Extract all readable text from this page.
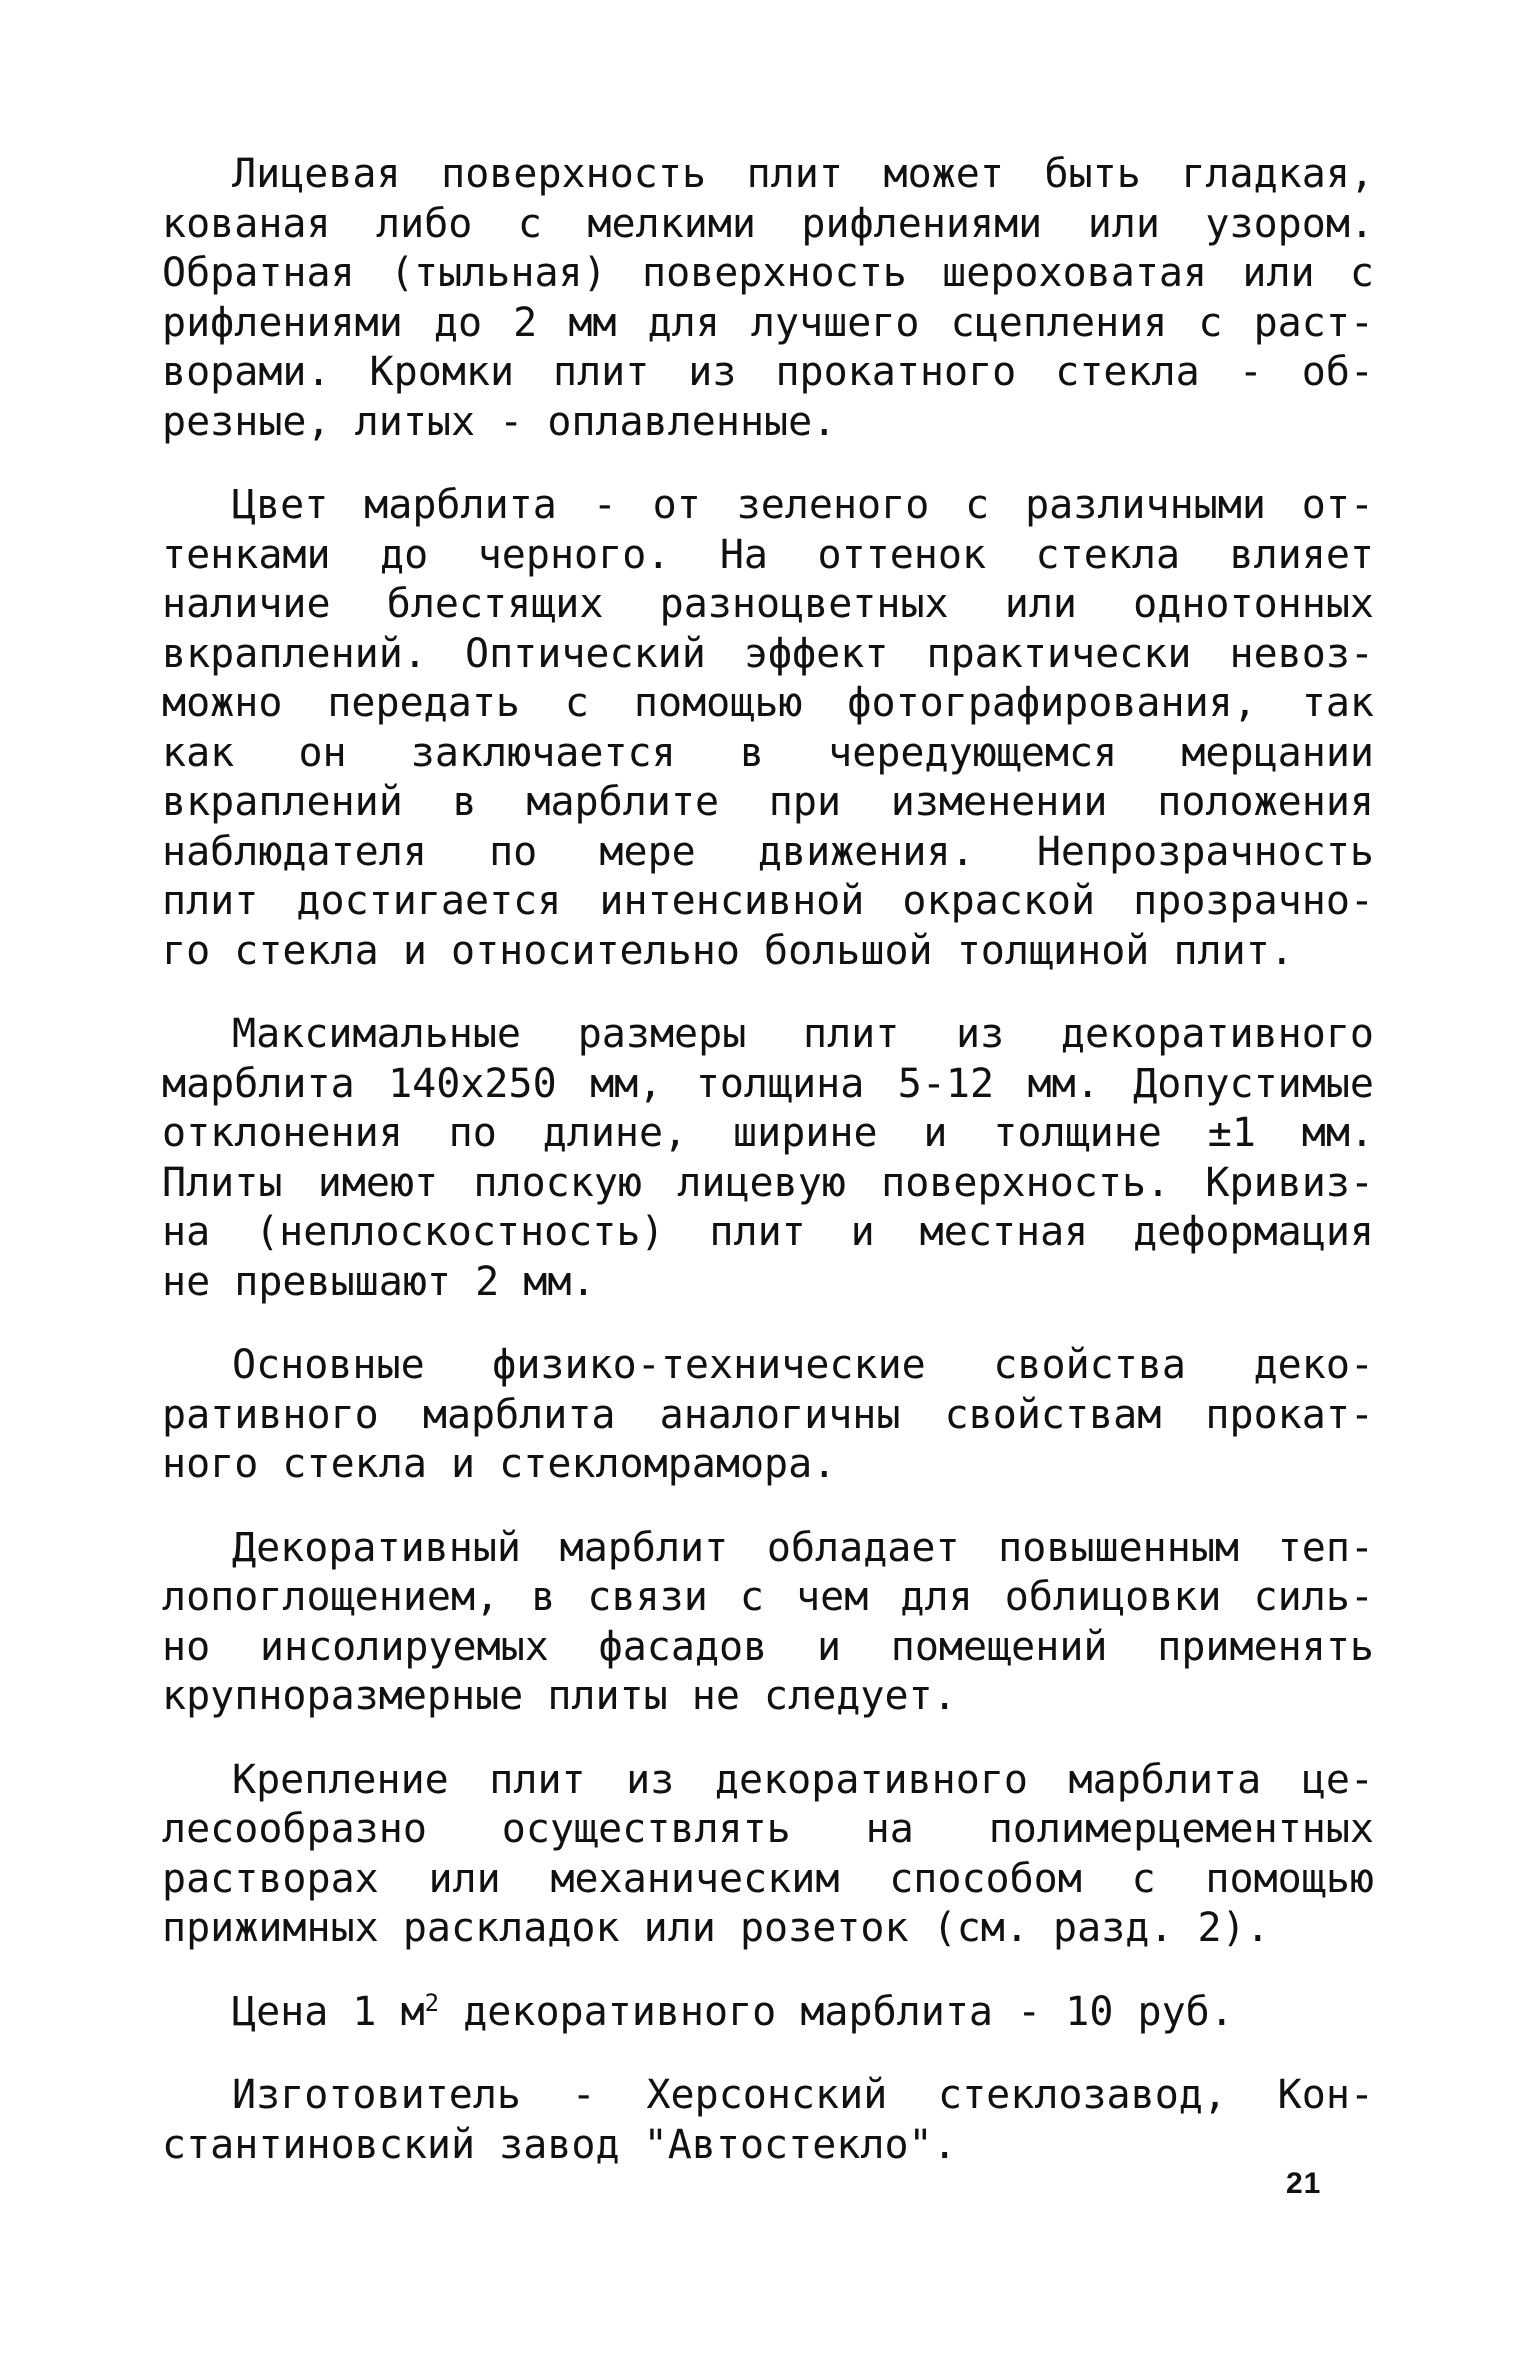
Лицевая поверхность плит может быть гладкая,
кованая либо с мелкими рифлениями или узором.
Обратная (тыльная) поверхность шероховатая или с
рифлениями до 2 мм для лучшего сцепления с раст-
ворами. Кромки плит из прокатного стекла - об-
резные, литых - оплавленные.
Цвет марблита - от зеленого с различными от-
тенками до черного. На оттенок стекла влияет
наличие блестящих разноцветных или однотонных
вкраплений. Оптический эффект практически невоз-
можно передать с помощью фотографирования, так
как он заключается в чередующемся мерцании
вкраплений в марблите при изменении положения
наблюдателя по мере движения. Непрозрачность
плит достигается интенсивной окраской прозрачно-
го стекла и относительно большой толщиной плит.
Максимальные размеры плит из декоративного
марблита 140x250 мм, толщина 5-12 мм. Допустимые
отклонения по длине, ширине и толщине ±1 мм.
Плиты имеют плоскую лицевую поверхность. Кривиз-
на (неплоскостность) плит и местная деформация
не превышают 2 мм.
Основные физико-технические свойства деко-
ративного марблита аналогичны свойствам прокат-
ного стекла и стекломрамора.
Декоративный марблит обладает повышенным теп-
лопоглощением, в связи с чем для облицовки силь-
но инсолируемых фасадов и помещений применять
крупноразмерные плиты не следует.
Крепление плит из декоративного марблита це-
лесообразно осуществлять на полимерцементных
растворах или механическим способом с помощью
прижимных раскладок или розеток (см. разд. 2).
Цена 1 $м^2$ декоративного марблита - 10 руб.
Изготовитель - Херсонский стеклозавод, Кон-
стантиновский завод "Автостекло".
21
